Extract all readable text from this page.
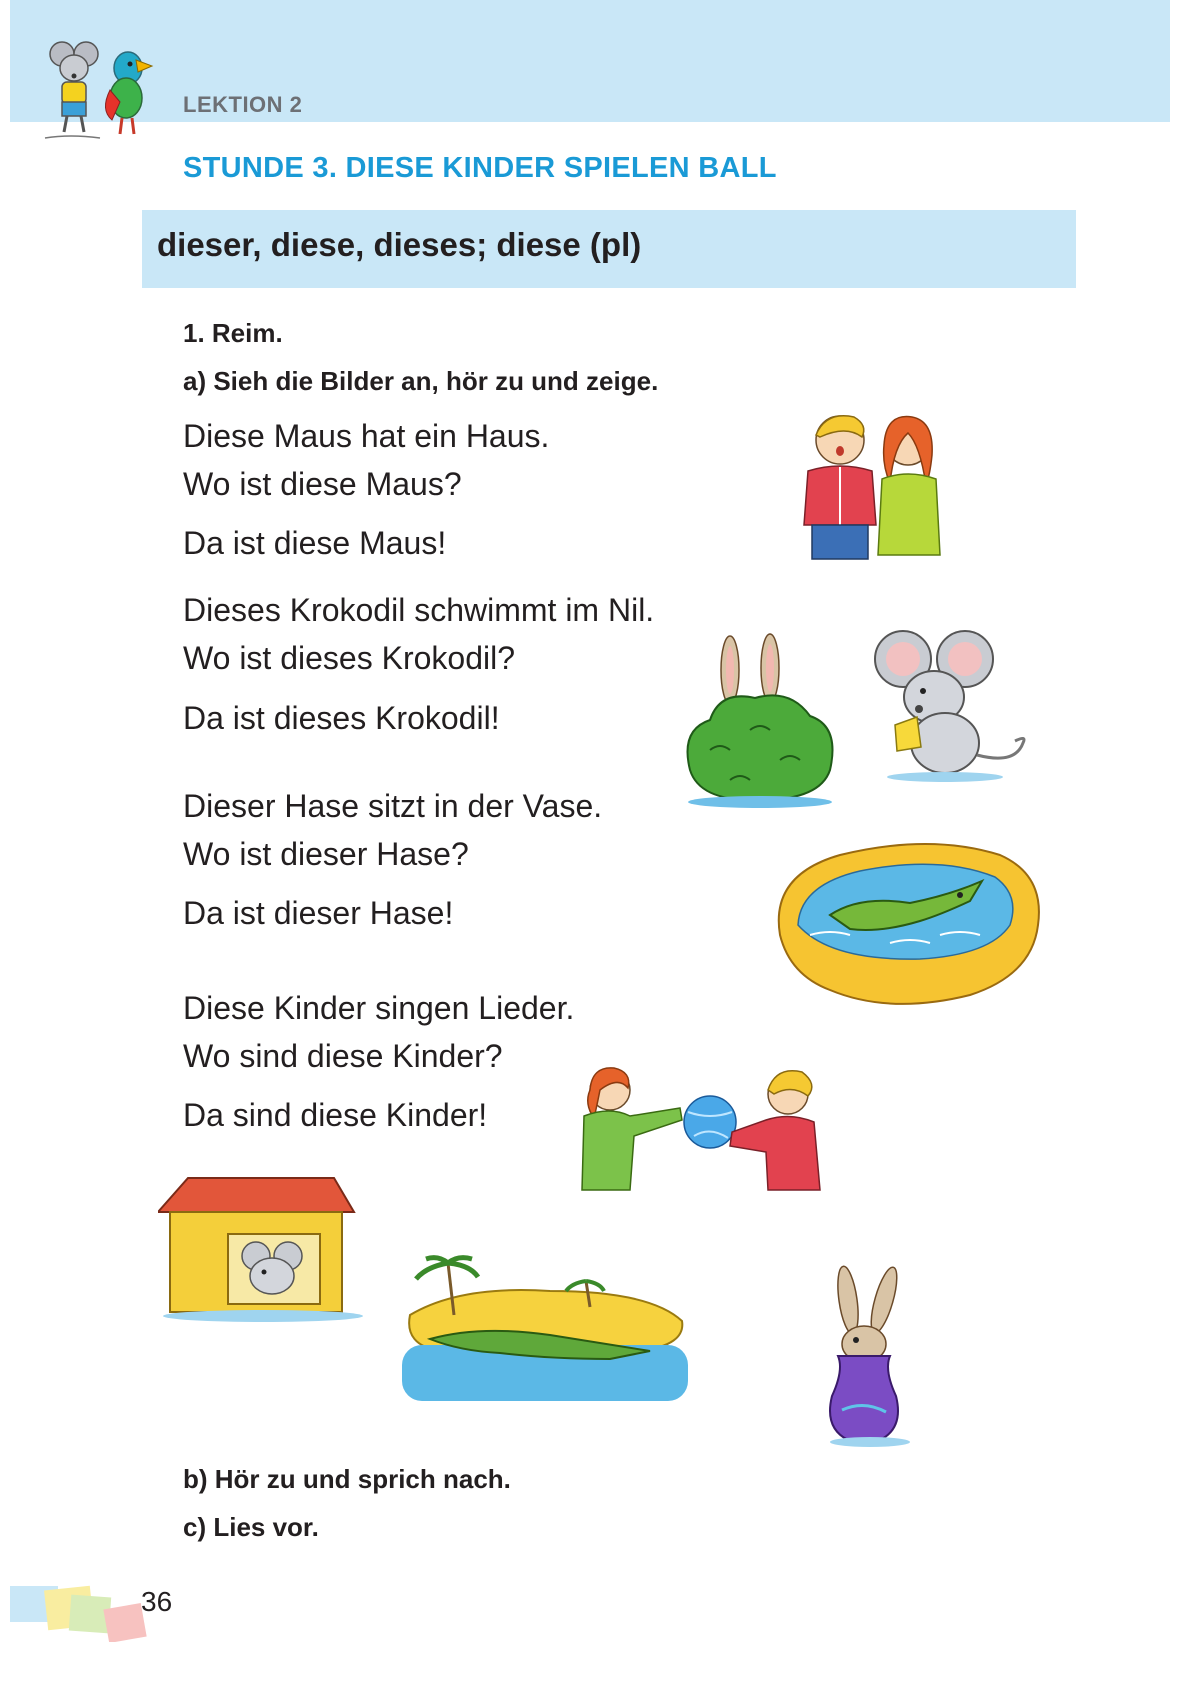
LEKTION 2
STUNDE 3. DIESE KINDER SPIELEN BALL
dieser, diese, dieses; diese (pl)
1. Reim.
a) Sieh die Bilder an, hör zu und zeige.
Diese Maus hat ein Haus.
Wo ist diese Maus?
Da ist diese Maus!
Dieses Krokodil schwimmt im Nil.
Wo ist dieses Krokodil?
Da ist dieses Krokodil!
Dieser Hase sitzt in der Vase.
Wo ist dieser Hase?
Da ist dieser Hase!
Diese Kinder singen Lieder.
Wo sind diese Kinder?
Da sind diese Kinder!
b) Hör zu und sprich nach.
c) Lies vor.
36
